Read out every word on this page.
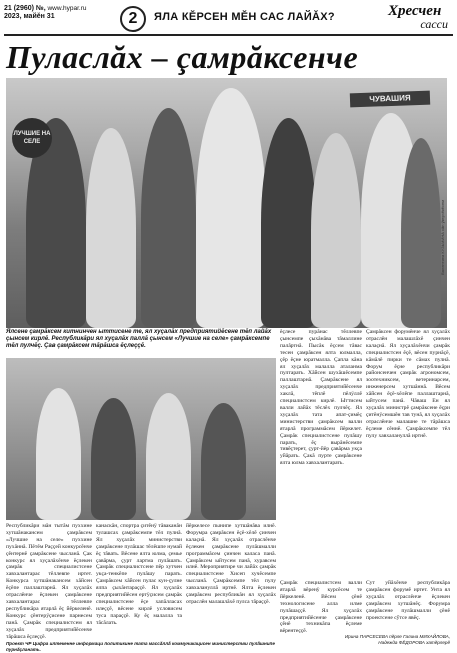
21 (2960) №, www.hypar.ru
2023, майӗн 31	2	ЯЛА КӖРСЕН МӖН САС ЛАЙӐХ?	Хресчен
сасси
Пуласлăх – çамрăксенче
ЛУЧШИЕ НА СЕЛЕ
ЧУВАШИЯ
Валентина КУЗЬМИНА сăн ӳкерчĕкĕсем
Ялсене çамрăксем китнинчен ыттисене те, ял хуçалăх предприятийĕсене тĕп лайăх çынсем кирлĕ. Республикăри ял хуçалăх паллă çынсем «Лучшие на селе» çамрăксемпе тĕл пулчĕç. Çав çамрăксем тăрăшса ĕçлеççĕ.
ĕçлесе пурăнас тĕллевпе çынсемпе çыхăнăва тăмаллине палăртнă. Пысăк ĕçсем тăвас тесен çамрăксен ялта юлмалла, çĕр ĕçне юратмалла. Çапла кăна ял хуçалăх малалла аталанма пултарать. Хăйсен шухăшĕсемпе паллаштарнă. Çамрăксене ял хуçалăх предприятийĕсенче хаклă, тĕплĕ пĕлÿллĕ специалистсем кирлĕ. Ыттисем валли лайăх тĕслĕх пулчĕç. Ял хуçалăх тата апат-çимĕç министерстви çамрăксем валли ятарлă программăсем йĕркелет. Çамрăк специалистсене пулăшу парать, ĕç вырăнĕсемпе тивĕçтерет, çурт-йĕр çавăрма укçа уйăрать. Çакă пурте çамрăксене ялта юлма хавхалантарать.
Çамрăксен форумĕнче ял хуçалăх отраслĕн малашлăхĕ çинчен калаçнă. Ял хуçалăхĕнчи çамрăк специалистсен ĕçĕ, вĕсен пурнăçĕ, кăмăлĕ пирки те сăмах пулнă. Форум ĕçне республикăри районсенчен çамрăк агрономсем, зоотехниксем, ветеринарсем, инженерсем хутшăннă. Вĕсем хăйсен ĕçĕ-хĕлĕпе паллаштарнă, ыйтусем панă. Чăваш Ен ял хуçалăх министрĕ çамрăксене ĕçри çитĕнÿсемшĕн тав тунă, ял хуçалăх отраслĕнче малашне те тăрăшса ĕçлеме сĕннĕ. Çамрăксемпе тĕл пулу хавхалануллă иртнĕ.
Республикăри мăн тытăм пуххине хутшăнакансем çамрăксем «Лучшие на селе» пуххине пухăннă. Пĕтĕм Раççей конкурсĕнче çĕнтернĕ çамрăксене чысланă. Çак конкурс ял хуçалăхĕнче ĕçлекен çамрăк специалистсене хавхалантарас тĕллевпе иртет. Конкурса хутшăнакансем хăйсен ĕçĕпе паллаштарнă. Ял хуçалăх отраслĕнче ĕçлекен çамрăксене хавхалантарас тĕллевпе республикăра ятарлă ĕç йĕркеленĕ. Конкурс çĕнтерÿçисене парнесем панă. Çамрăк специалистсем ял хуçалăх предприятийĕсенче тăрăшса ĕçлеççĕ.
канаскăн, спортра çитĕнÿ тăваканăн тулашсах çамрăксемпе тĕл пулнă. Ял хуçалăх министерстви çамрăксене пулăшас тĕлĕшпе нумай ĕç тăвать. Вĕсене ялта юлма, çемье çавăрма, çурт лартма пулăшать. Çамрăк специалистсене пĕр хутчен укçа-тенкĕпе пулăшу парать. Çамрăксем хăйсен пулас кун-çулне ялпа çыхăнтараççĕ. Ял хуçалăх предприятийĕсен ертÿçисем çамрăк специалистсене ĕçе хапăлласах илеççĕ, вĕсене кирлĕ условисем туса параççĕ. Ку ĕç малалла та тăсăлать.
йĕркелесе пынипе хутшăнăва илнĕ. Форумра çамрăксен ĕçĕ-хĕлĕ çинчен калаçнă. Ял хуçалăх отраслĕнче ĕçлекен çамрăксене пулăшмалли программăсем çинчен каласа панă. Çамрăксем ыйтусем панă, хуравсем илнĕ. Мероприятире чи лайăх çамрăк специалистсене Хисеп хучĕсемпе чысланă. Çамрăксемпе тĕл пулу хавхалануллă иртнĕ. Ялта ĕçлекен çамрăксем республикăн ял хуçалăх отраслĕн малашлăхĕ пулса тăраççĕ.
Çамрăк специалистсем валли ятарлă вĕренÿ курсĕсем те йĕркеленĕ. Вĕсем çĕнĕ технологисене алла илме пулăшаççĕ. Ял хуçалăх предприятийĕсенче çамрăксене çĕнĕ техникăпа ĕçлеме вĕрентеççĕ.
Сут уйăхĕнче республикăра çамрăксен форумĕ иртет. Унта ял хуçалăх отраслĕнче ĕçлекен çамрăксем хутшăнĕç. Форумра çамрăксене пулăшмалли çĕнĕ проектсене сӳтсе явĕç.
Проект ЧР Цифра илтекенне информаци политикине тата массăллă коммуникацисен министерстви пулăшнипе пурнăçланать.
Ирина ПАРСЕСЕВА пĕрле Галина МИХАЙЛОВА,
Надежда ФЁДОРОВА хатĕрлерĕ
